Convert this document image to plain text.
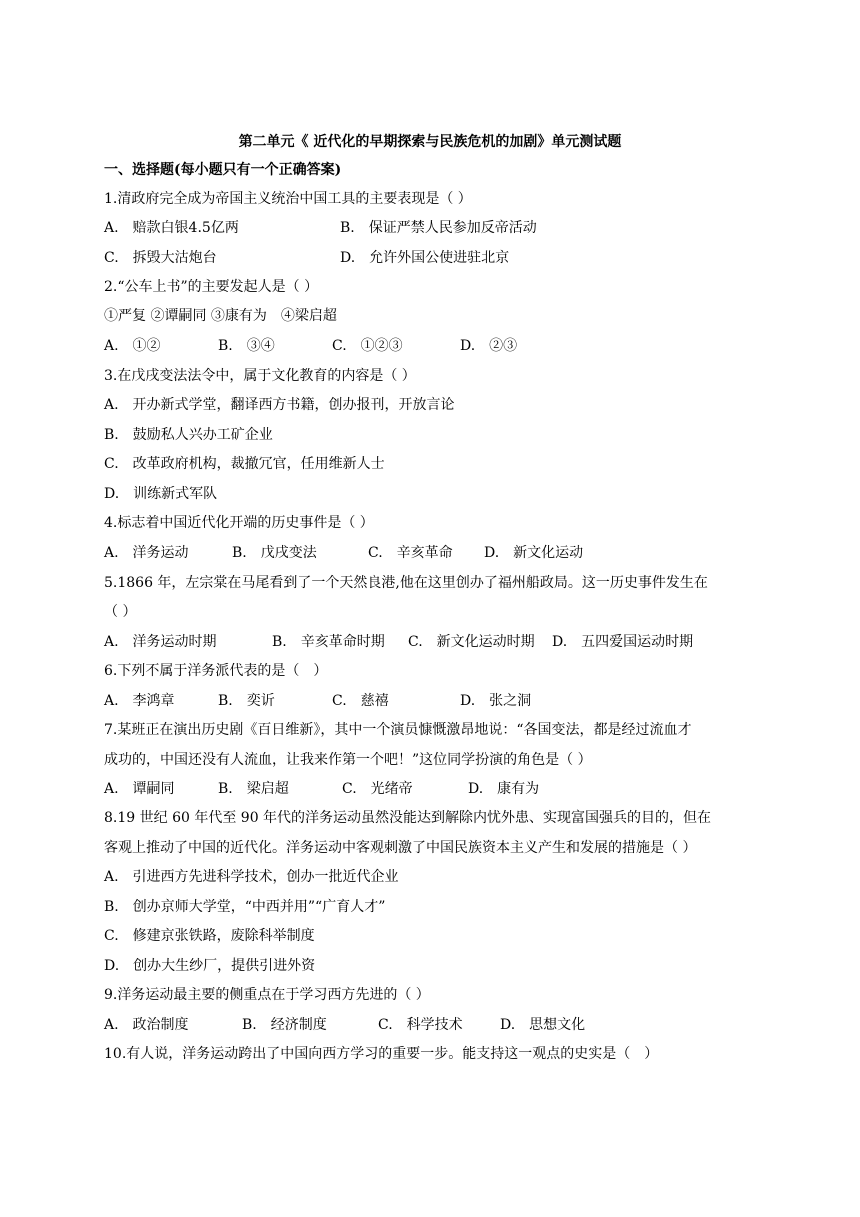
第二单元《 近代化的早期探索与民族危机的加剧》单元测试题
一、选择题(每小题只有一个正确答案)
1.清政府完全成为帝国主义统治中国工具的主要表现是（ ）
A.　赔款白银4.5亿两	B.　保证严禁人民参加反帝活动
C.　拆毁大沽炮台	D.　允许外国公使进驻北京
2.“公车上书”的主要发起人是（ ）
①严复 ②谭嗣同 ③康有为　④梁启超
A.　①②	B.　③④	C.　①②③	D.　②③
3.在戊戌变法法令中，属于文化教育的内容是（ ）
A.　开办新式学堂，翻译西方书籍，创办报刊，开放言论
B.　鼓励私人兴办工矿企业
C.　改革政府机构，裁撤冗官，任用维新人士
D.　训练新式军队
4.标志着中国近代化开端的历史事件是（ ）
A.　洋务运动	B.　戊戌变法	C.　辛亥革命 D.　新文化运动
5.1866 年，左宗棠在马尾看到了一个天然良港,他在这里创办了福州船政局。这一历史事件发生在
（ ）
A.　洋务运动时期	B.　辛亥革命时期 C.　新文化运动时期 D.　五四爱国运动时期
6.下列不属于洋务派代表的是（　）
A.　李鸿章	B.　奕䜣	C.　慈禧	D.　张之洞
7.某班正在演出历史剧《百日维新》，其中一个演员慷慨激昂地说：“各国变法，都是经过流血才
成功的，中国还没有人流血，让我来作第一个吧！”这位同学扮演的角色是（ ）
A.　谭嗣同	B.　梁启超	C.　光绪帝	D.　康有为
8.19 世纪 60 年代至 90 年代的洋务运动虽然没能达到解除内忧外患、实现富国强兵的目的，但在
客观上推动了中国的近代化。洋务运动中客观刺激了中国民族资本主义产生和发展的措施是（ ）
A.　引进西方先进科学技术，创办一批近代企业
B.　创办京师大学堂，“中西并用”“广育人才”
C.　修建京张铁路，废除科举制度
D.　创办大生纱厂，提供引进外资
9.洋务运动最主要的侧重点在于学习西方先进的（ ）
A.　政治制度	B.　经济制度	C.　科学技术	D.　思想文化
10.有人说，洋务运动跨出了中国向西方学习的重要一步。能支持这一观点的史实是（　）
